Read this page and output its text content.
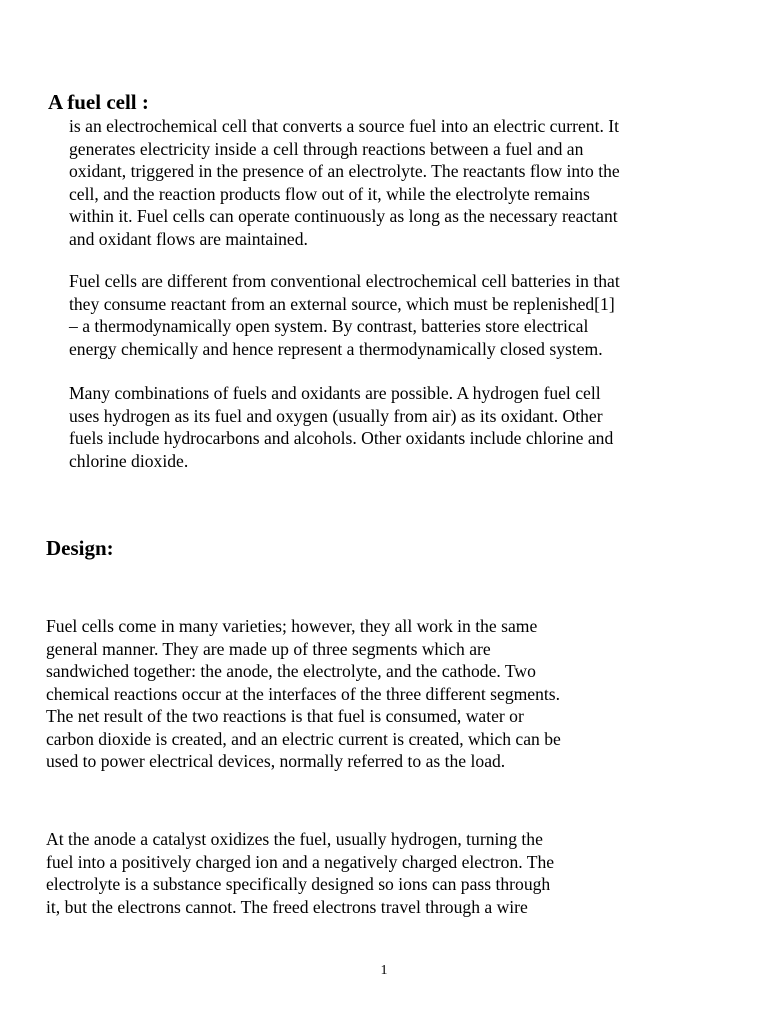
A fuel cell :

is an electrochemical cell that converts a source fuel into an electric current. It
generates electricity inside a cell through reactions between a fuel and an
oxidant, triggered in the presence of an electrolyte. The reactants flow into the
cell, and the reaction products flow out of it, while the electrolyte remains
within it. Fuel cells can operate continuously as long as the necessary reactant
and oxidant flows are maintained.

Fuel cells are different from conventional electrochemical cell batteries in that
they consume reactant from an external source, which must be replenished[1]
– a thermodynamically open system. By contrast, batteries store electrical
energy chemically and hence represent a thermodynamically closed system.

Many combinations of fuels and oxidants are possible. A hydrogen fuel cell
uses hydrogen as its fuel and oxygen (usually from air) as its oxidant. Other
fuels include hydrocarbons and alcohols. Other oxidants include chlorine and
chlorine dioxide.

Design:

Fuel cells come in many varieties; however, they all work in the same
general manner. They are made up of three segments which are
sandwiched together: the anode, the electrolyte, and the cathode. Two
chemical reactions occur at the interfaces of the three different segments.
The net result of the two reactions is that fuel is consumed, water or
carbon dioxide is created, and an electric current is created, which can be
used to power electrical devices, normally referred to as the load.

At the anode a catalyst oxidizes the fuel, usually hydrogen, turning the
fuel into a positively charged ion and a negatively charged electron. The
electrolyte is a substance specifically designed so ions can pass through
it, but the electrons cannot. The freed electrons travel through a wire

1
